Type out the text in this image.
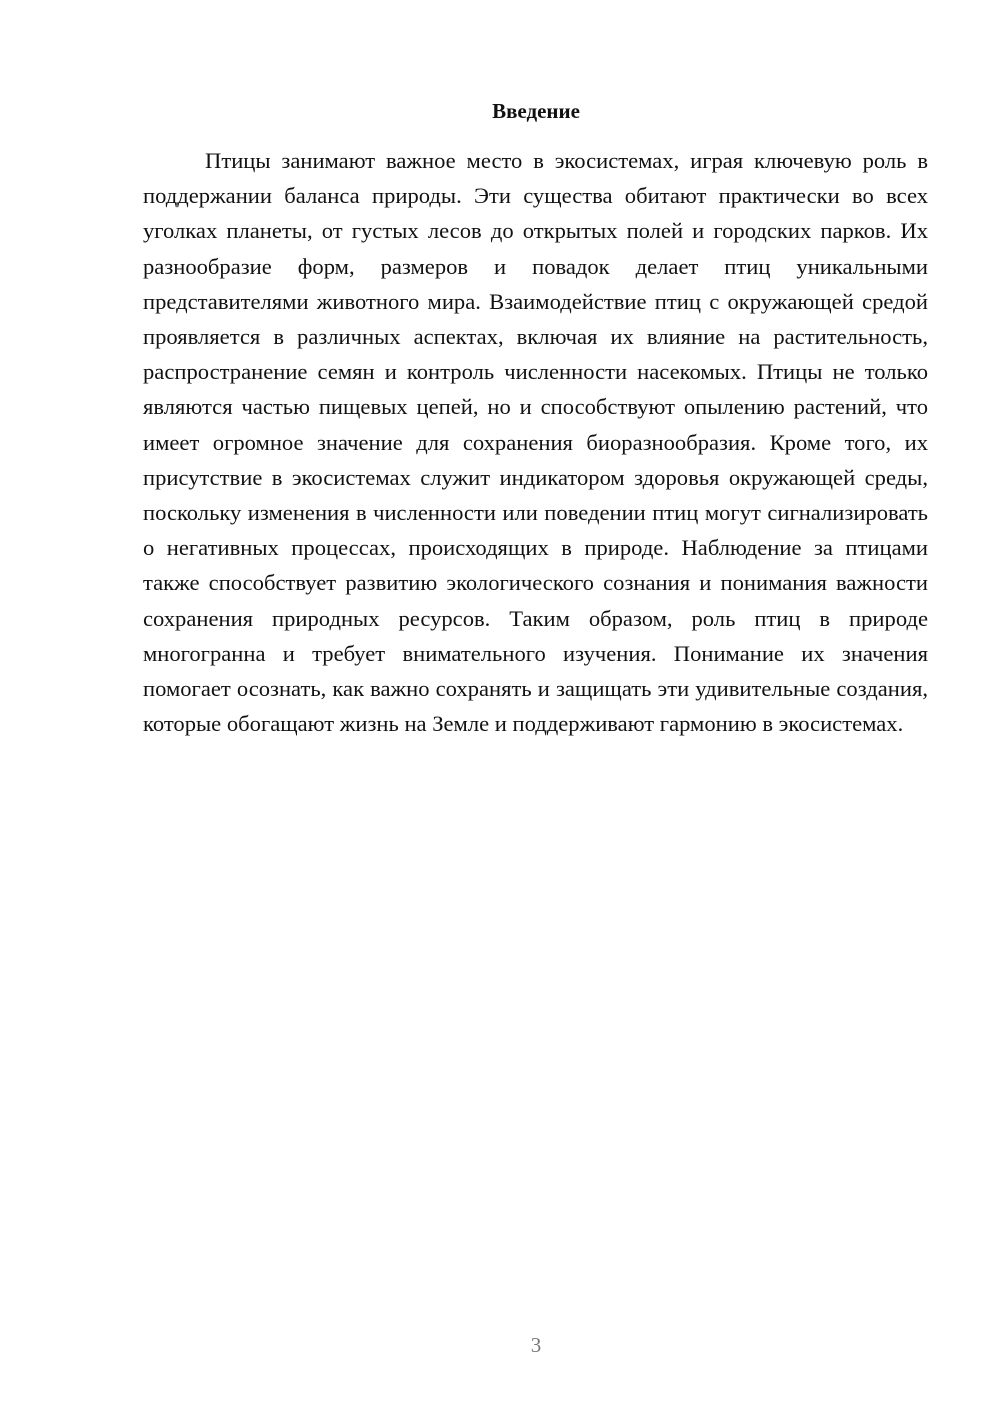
Введение

Птицы занимают важное место в экосистемах, играя ключевую роль в поддержании баланса природы. Эти существа обитают практически во всех уголках планеты, от густых лесов до открытых полей и городских парков. Их разнообразие форм, размеров и повадок делает птиц уникальными представителями животного мира. Взаимодействие птиц с окружающей средой проявляется в различных аспектах, включая их влияние на растительность, распространение семян и контроль численности насекомых. Птицы не только являются частью пищевых цепей, но и способствуют опылению растений, что имеет огромное значение для сохранения биоразнообразия. Кроме того, их присутствие в экосистемах служит индикатором здоровья окружающей среды, поскольку изменения в численности или поведении птиц могут сигнализировать о негативных процессах, происходящих в природе. Наблюдение за птицами также способствует развитию экологического сознания и понимания важности сохранения природных ресурсов. Таким образом, роль птиц в природе многогранна и требует внимательного изучения. Понимание их значения помогает осознать, как важно сохранять и защищать эти удивительные создания, которые обогащают жизнь на Земле и поддерживают гармонию в экосистемах.

3
